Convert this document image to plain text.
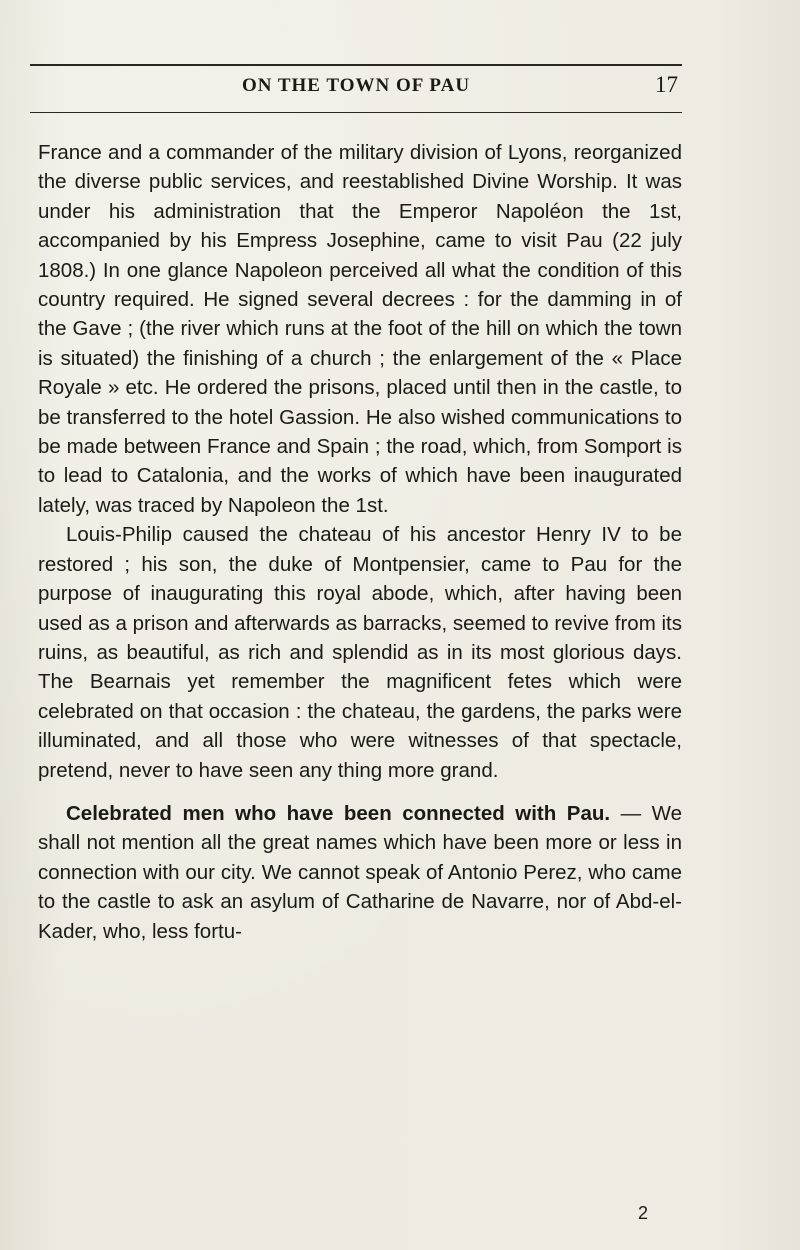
ON THE TOWN OF PAU	17

France and a commander of the military division of Lyons, reorganized the diverse public services, and reestablished Divine Worship. It was under his administration that the Emperor Napoléon the 1st, accompanied by his Empress Josephine, came to visit Pau (22 july 1808.) In one glance Napoleon perceived all what the condition of this country required. He signed several decrees : for the damming in of the Gave ; (the river which runs at the foot of the hill on which the town is situated) the finishing of a church ; the enlargement of the « Place Royale » etc. He ordered the prisons, placed until then in the castle, to be transferred to the hotel Gassion. He also wished communications to be made between France and Spain ; the road, which, from Somport is to lead to Catalonia, and the works of which have been inaugurated lately, was traced by Napoleon the 1st.

Louis-Philip caused the chateau of his ancestor Henry IV to be restored ; his son, the duke of Montpensier, came to Pau for the purpose of inaugurating this royal abode, which, after having been used as a prison and afterwards as barracks, seemed to revive from its ruins, as beautiful, as rich and splendid as in its most glorious days. The Bearnais yet remember the magnificent fetes which were celebrated on that occasion : the chateau, the gardens, the parks were illuminated, and all those who were witnesses of that spectacle, pretend, never to have seen any thing more grand.

Celebrated men who have been connected with Pau. — We shall not mention all the great names which have been more or less in connection with our city. We cannot speak of Antonio Perez, who came to the castle to ask an asylum of Catharine de Navarre, nor of Abd-el-Kader, who, less fortu-

2
